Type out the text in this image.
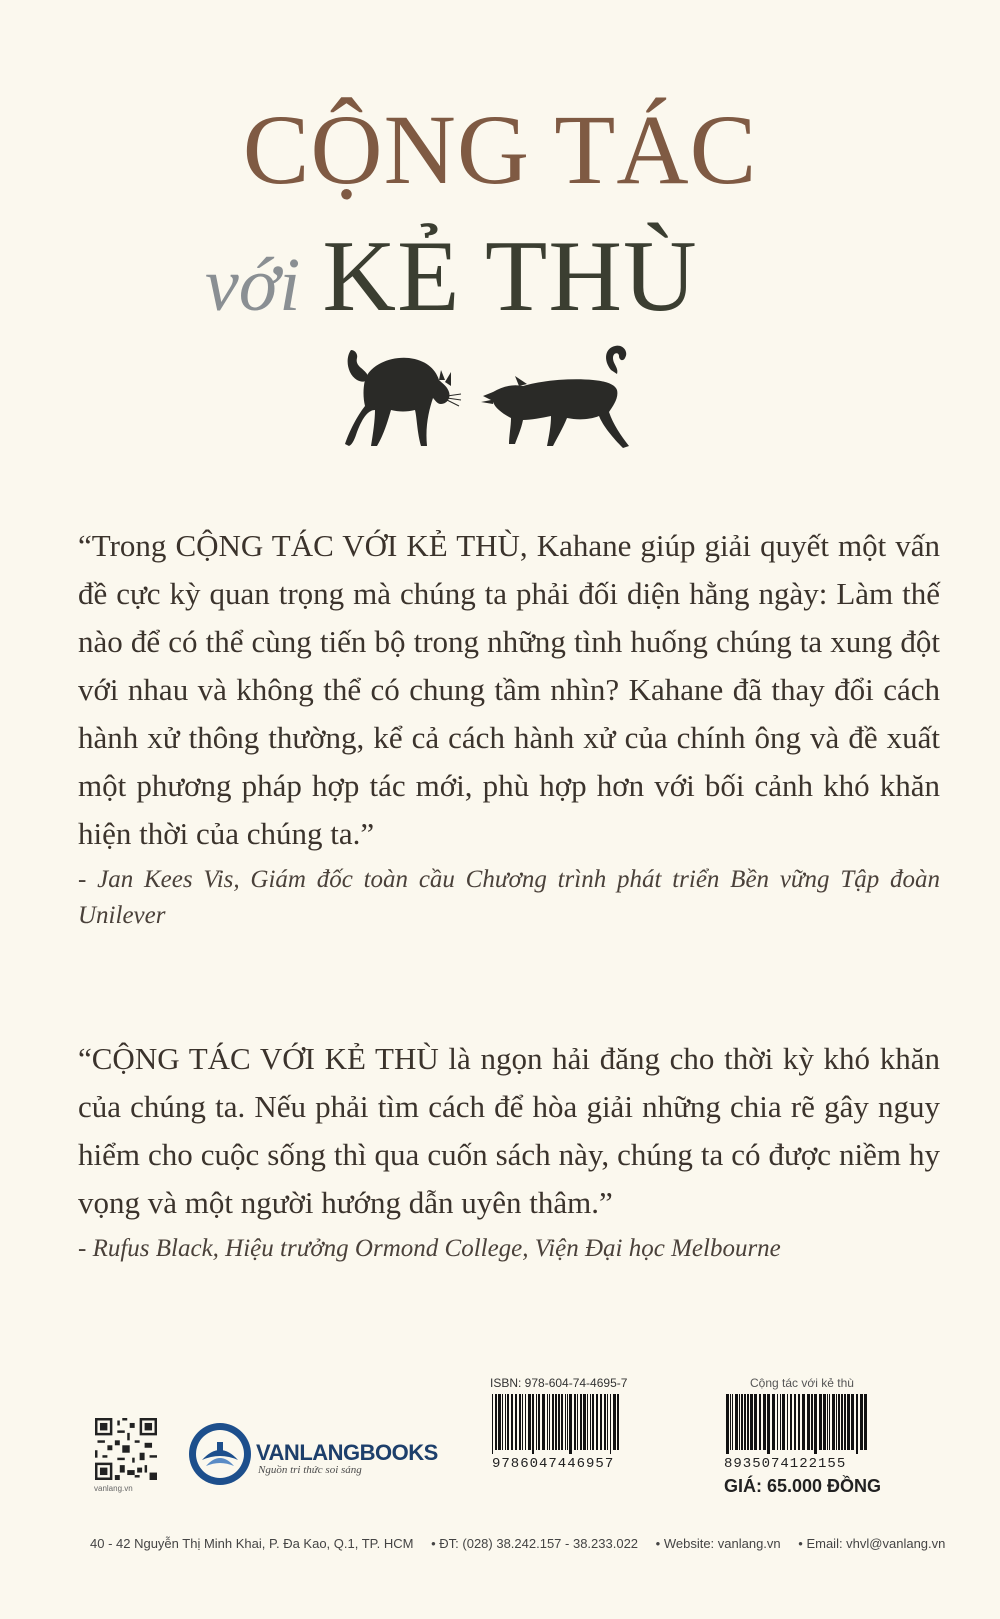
CỘNG TÁC
với KẺ THÙ

“Trong CỘNG TÁC VỚI KẺ THÙ, Kahane giúp giải quyết một vấn đề cực kỳ quan trọng mà chúng ta phải đối diện hằng ngày: Làm thế nào để có thể cùng tiến bộ trong những tình huống chúng ta xung đột với nhau và không thể có chung tầm nhìn? Kahane đã thay đổi cách hành xử thông thường, kể cả cách hành xử của chính ông và đề xuất một phương pháp hợp tác mới, phù hợp hơn với bối cảnh khó khăn hiện thời của chúng ta.”

- Jan Kees Vis, Giám đốc toàn cầu Chương trình phát triển Bền vững Tập đoàn Unilever

“CỘNG TÁC VỚI KẺ THÙ là ngọn hải đăng cho thời kỳ khó khăn của chúng ta. Nếu phải tìm cách để hòa giải những chia rẽ gây nguy hiểm cho cuộc sống thì qua cuốn sách này, chúng ta có được niềm hy vọng và một người hướng dẫn uyên thâm.”

- Rufus Black, Hiệu trưởng Ormond College, Viện Đại học Melbourne
vanlang.vn
VANLANGBOOKS
Nguồn tri thức soi sáng
ISBN: 978-604-74-4695-7	Cộng tác với kẻ thù
9786047446957	8935074122155
GIÁ: 65.000 ĐỒNG
40 - 42 Nguyễn Thị Minh Khai, P. Đa Kao, Q.1, TP. HCM • ĐT: (028) 38.242.157 - 38.233.022 • Website: vanlang.vn • Email: vhvl@vanlang.vn
